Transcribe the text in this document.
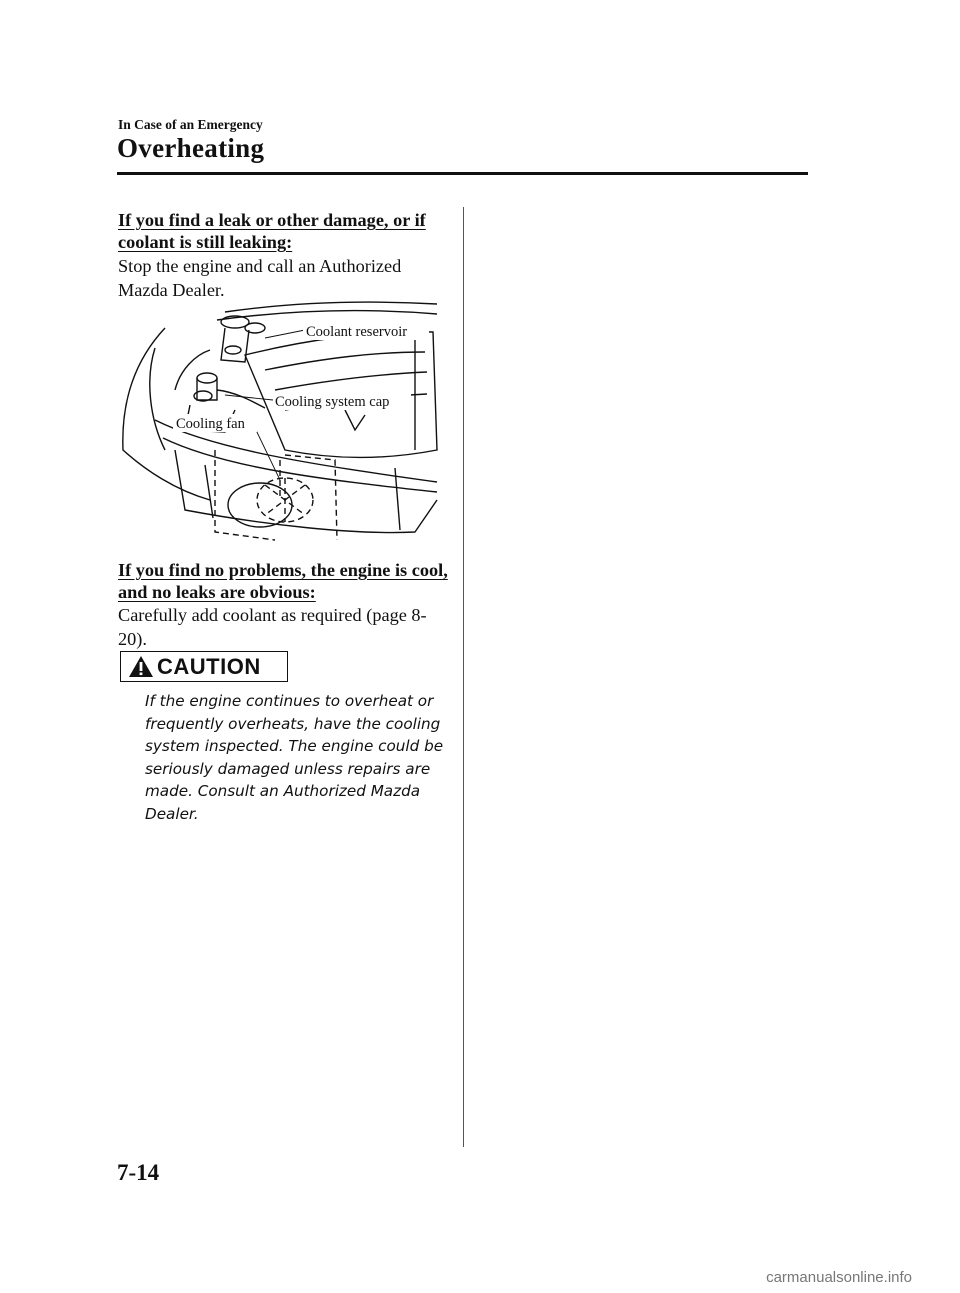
In Case of an Emergency
Overheating
If you find a leak or other damage, or if coolant is still leaking:
Stop the engine and call an Authorized Mazda Dealer.
Coolant reservoir
Cooling system cap
Cooling fan
If you find no problems, the engine is cool, and no leaks are obvious:
Carefully add coolant as required (page 8-20).
CAUTION
If the engine continues to overheat or frequently overheats, have the cooling system inspected. The engine could be seriously damaged unless repairs are made. Consult an Authorized Mazda Dealer.
7-14
carmanualsonline.info
